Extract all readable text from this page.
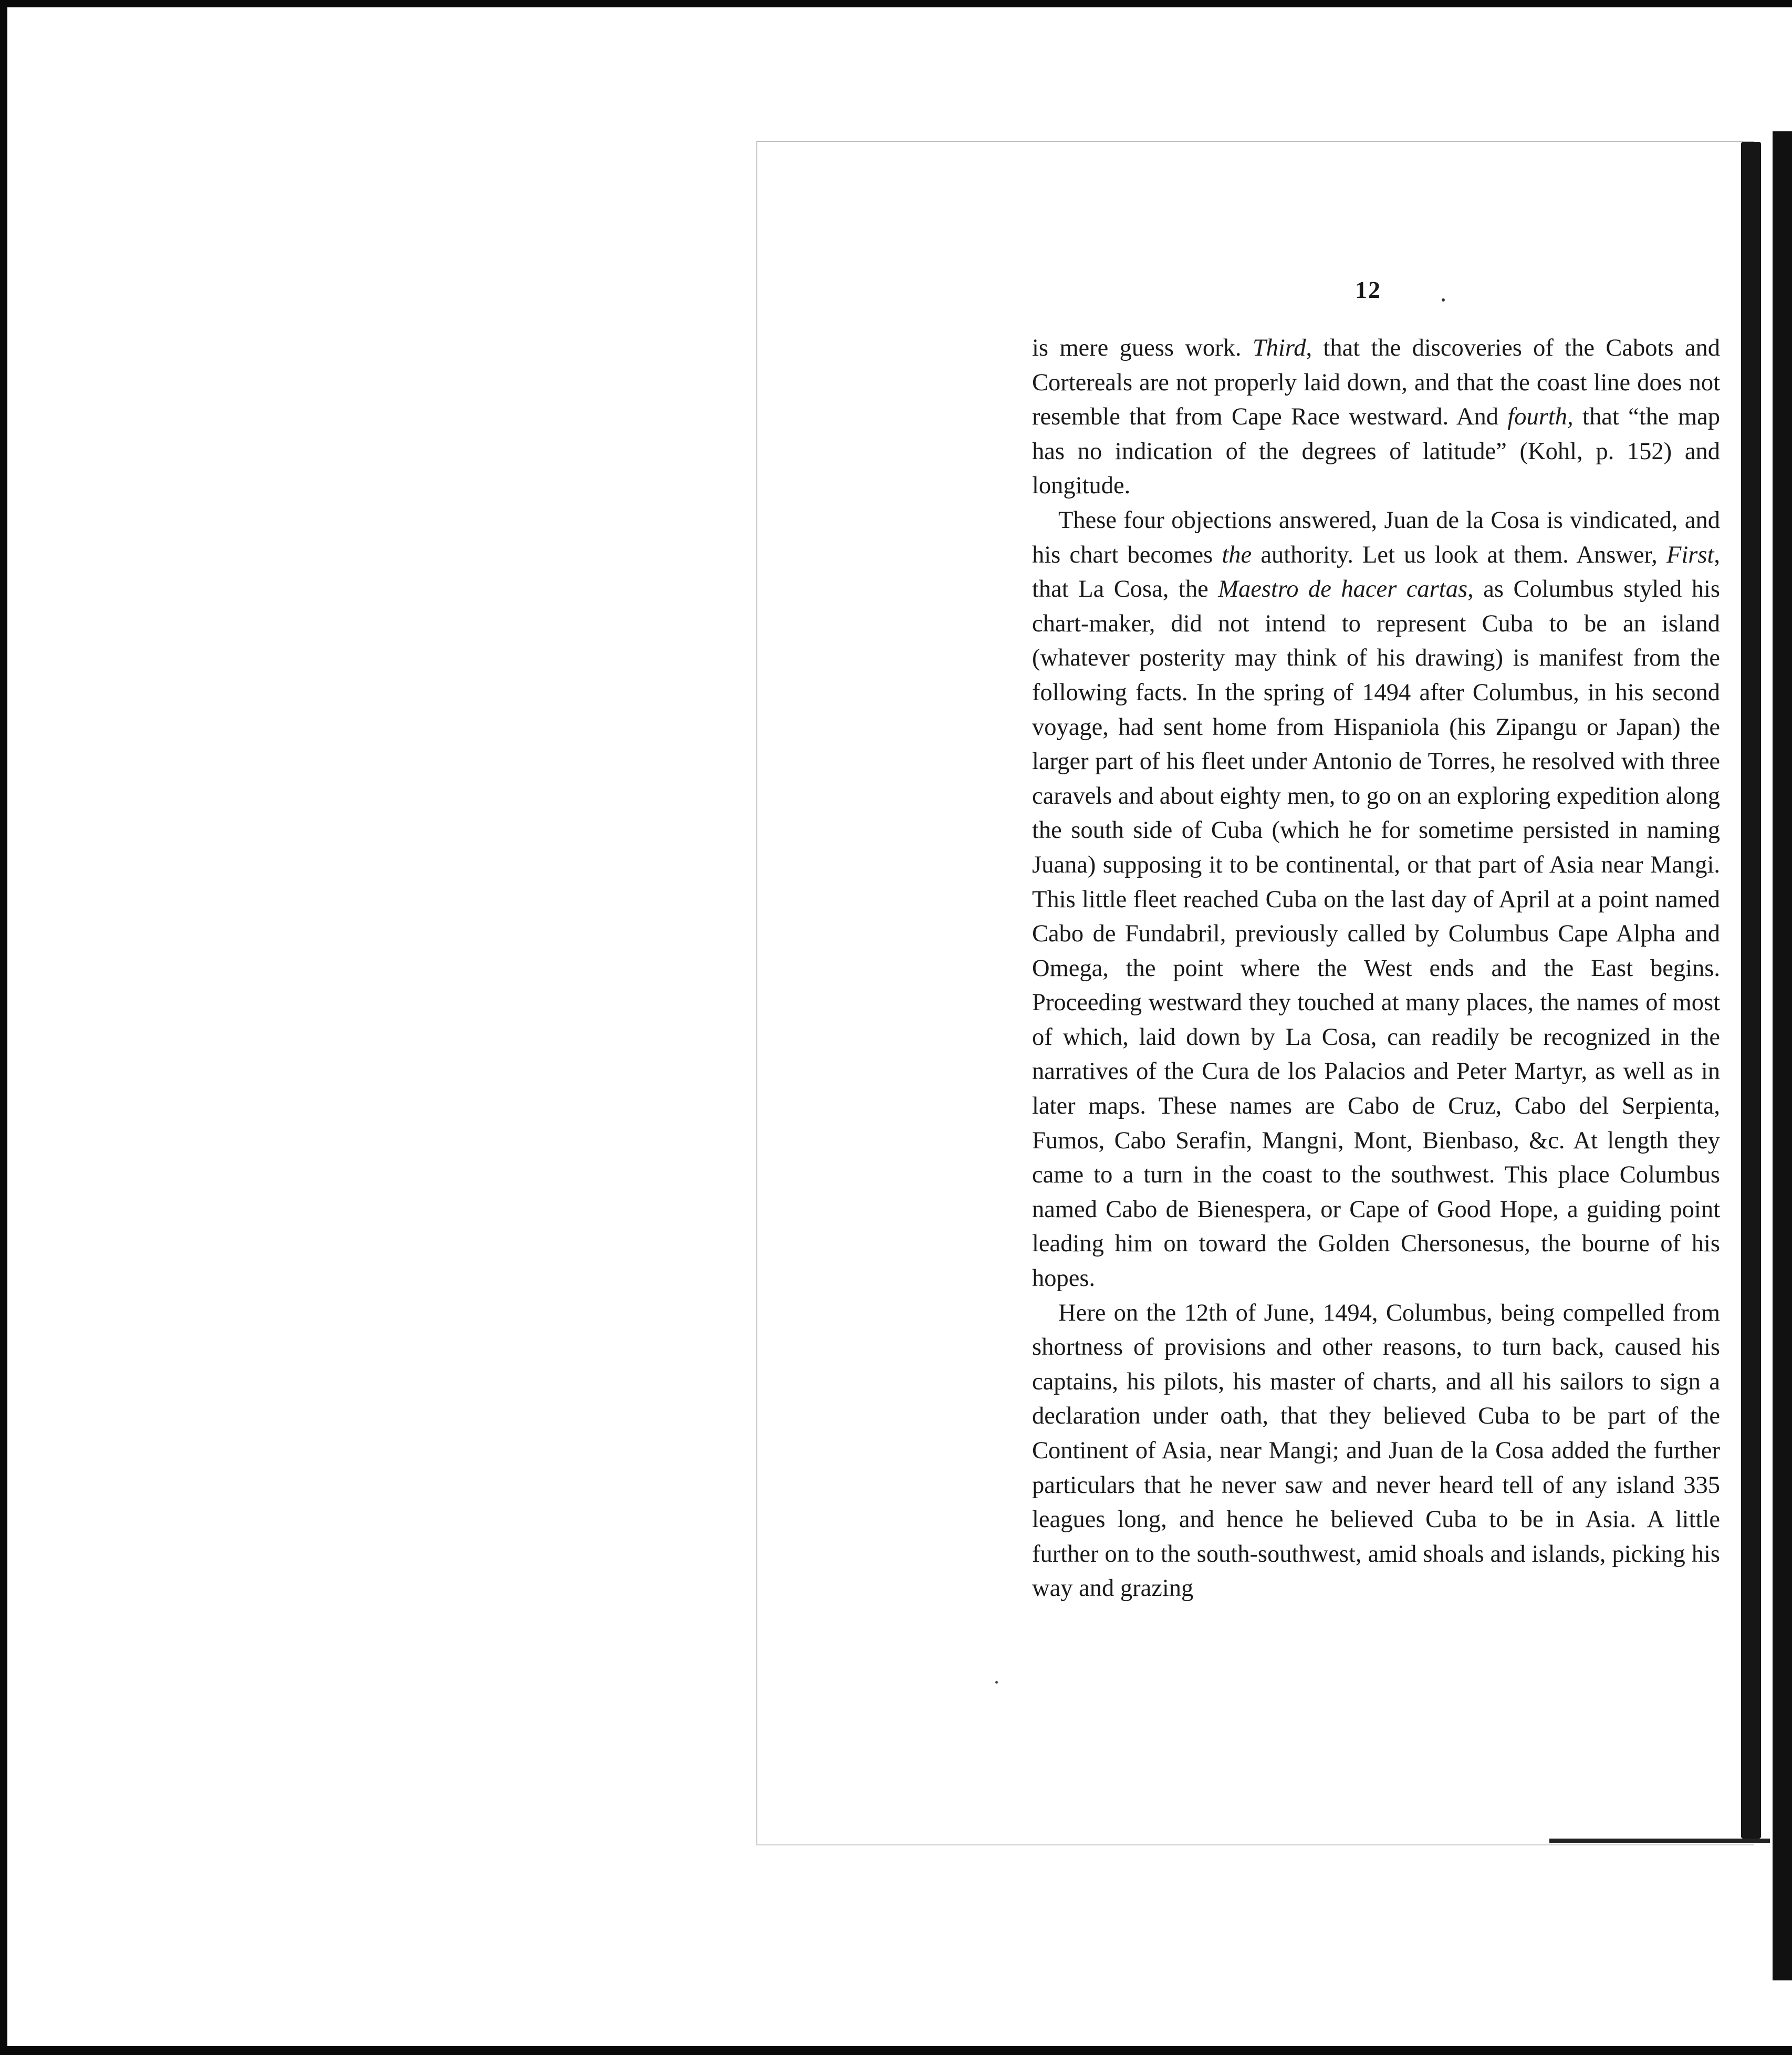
12

is mere guess work. Third, that the discoveries of the Cabots and Cortereals are not properly laid down, and that the coast line does not resemble that from Cape Race westward. And fourth, that “the map has no indication of the degrees of latitude” (Kohl, p. 152) and longitude.

These four objections answered, Juan de la Cosa is vindicated, and his chart becomes the authority. Let us look at them. Answer, First, that La Cosa, the Maestro de hacer cartas, as Columbus styled his chart-maker, did not intend to represent Cuba to be an island (whatever posterity may think of his drawing) is manifest from the following facts. In the spring of 1494 after Columbus, in his second voyage, had sent home from Hispaniola (his Zipangu or Japan) the larger part of his fleet under Antonio de Torres, he resolved with three caravels and about eighty men, to go on an exploring expedition along the south side of Cuba (which he for sometime persisted in naming Juana) supposing it to be continental, or that part of Asia near Mangi. This little fleet reached Cuba on the last day of April at a point named Cabo de Fundabril, previously called by Columbus Cape Alpha and Omega, the point where the West ends and the East begins. Proceeding westward they touched at many places, the names of most of which, laid down by La Cosa, can readily be recognized in the narratives of the Cura de los Palacios and Peter Martyr, as well as in later maps. These names are Cabo de Cruz, Cabo del Serpienta, Fumos, Cabo Serafin, Mangni, Mont, Bienbaso, &c. At length they came to a turn in the coast to the southwest. This place Columbus named Cabo de Bienespera, or Cape of Good Hope, a guiding point leading him on toward the Golden Chersonesus, the bourne of his hopes.

Here on the 12th of June, 1494, Columbus, being compelled from shortness of provisions and other reasons, to turn back, caused his captains, his pilots, his master of charts, and all his sailors to sign a declaration under oath, that they believed Cuba to be part of the Continent of Asia, near Mangi; and Juan de la Cosa added the further particulars that he never saw and never heard tell of any island 335 leagues long, and hence he believed Cuba to be in Asia. A little further on to the south-southwest, amid shoals and islands, picking his way and grazing
